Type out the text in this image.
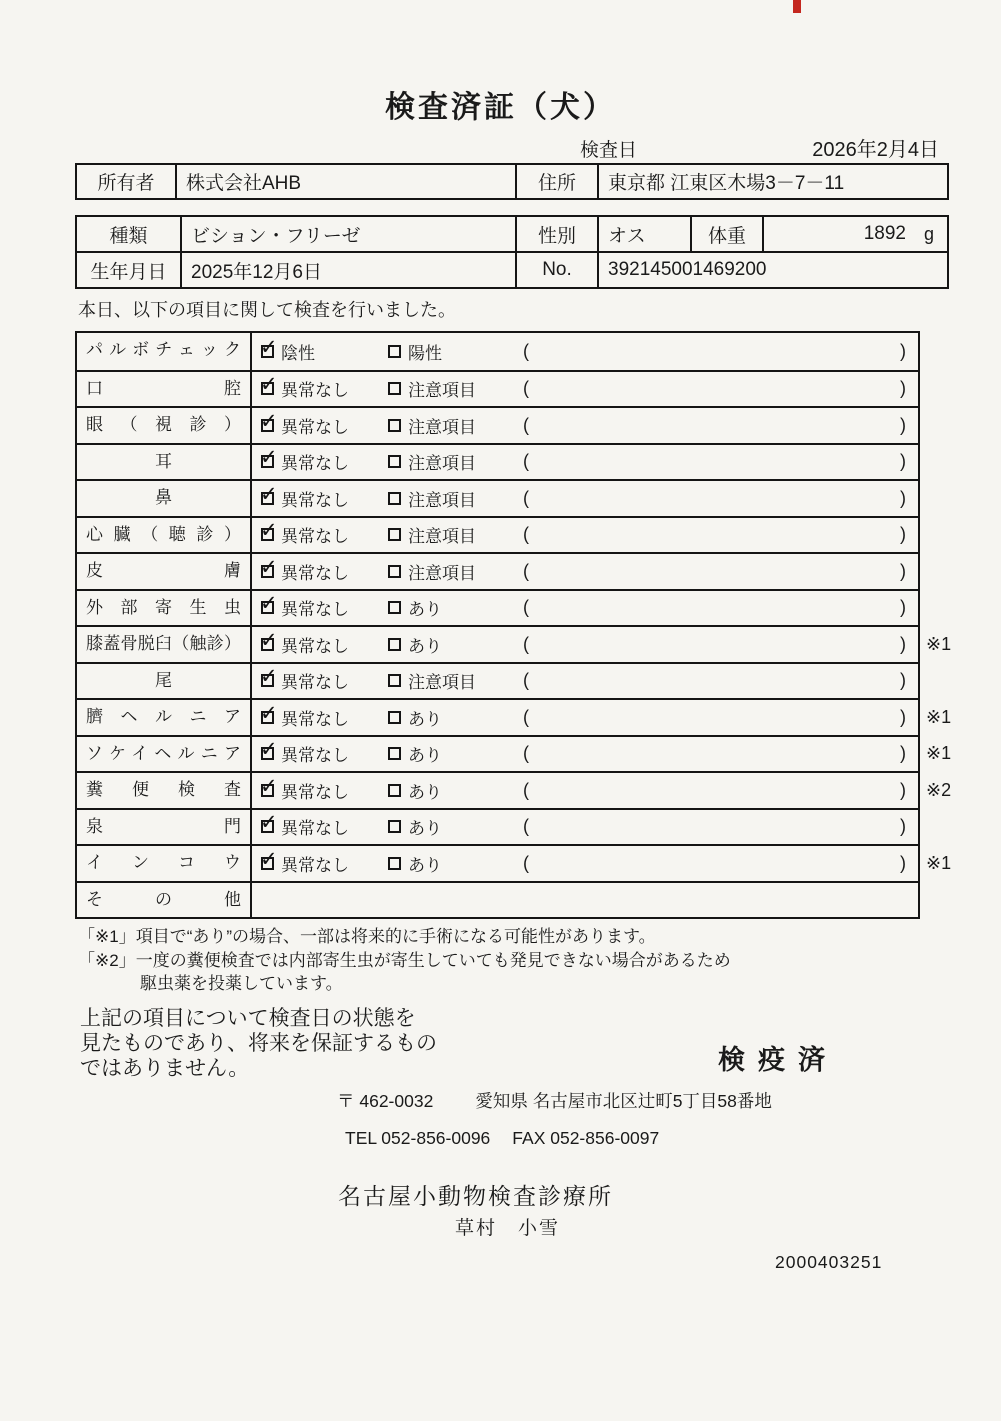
検査済証（犬）
検査日	2026年2月4日
所有者	株式会社AHB	住所	東京都 江東区木場3－7－11
種類	ビション・フリーゼ	性別	オス	体重	1892 g
生年月日	2025年12月6日	No.	392145001469200
本日、以下の項目に関して検査を行いました。
パルボチェック ✓	陰性	陽性	(	)
口腔 ✓	異常なし	注意項目	(	)
眼（視診） ✓	異常なし	注意項目	(	)
耳 ✓	異常なし	注意項目	(	)
鼻 ✓	異常なし	注意項目	(	)
心臓（聴診） ✓	異常なし	注意項目	(	)
皮膚 ✓	異常なし	注意項目	(	)
外部寄生虫 ✓	異常なし	あり	(	)
膝蓋骨脱臼（触診） ✓	異常なし	あり	(	) ※1
尾 ✓	異常なし	注意項目	(	)
臍ヘルニア ✓	異常なし	あり	(	) ※1
ソケイヘルニア ✓	異常なし	あり	(	) ※1
糞便検査 ✓	異常なし	あり	(	) ※2
泉門 ✓	異常なし	あり	(	)
インコウ ✓	異常なし	あり	(	) ※1
その他
「※1」項目で“あり”の場合、一部は将来的に手術になる可能性があります。
「※2」一度の糞便検査では内部寄生虫が寄生していても発見できない場合があるため
駆虫薬を投薬しています。
上記の項目について検査日の状態を
見たものであり、将来を保証するもの
ではありません。	検疫済
〒 462-0032 愛知県 名古屋市北区辻町5丁目58番地
TEL 052-856-0096 FAX 052-856-0097
名古屋小動物検査診療所
草村　小雪
2000403251
